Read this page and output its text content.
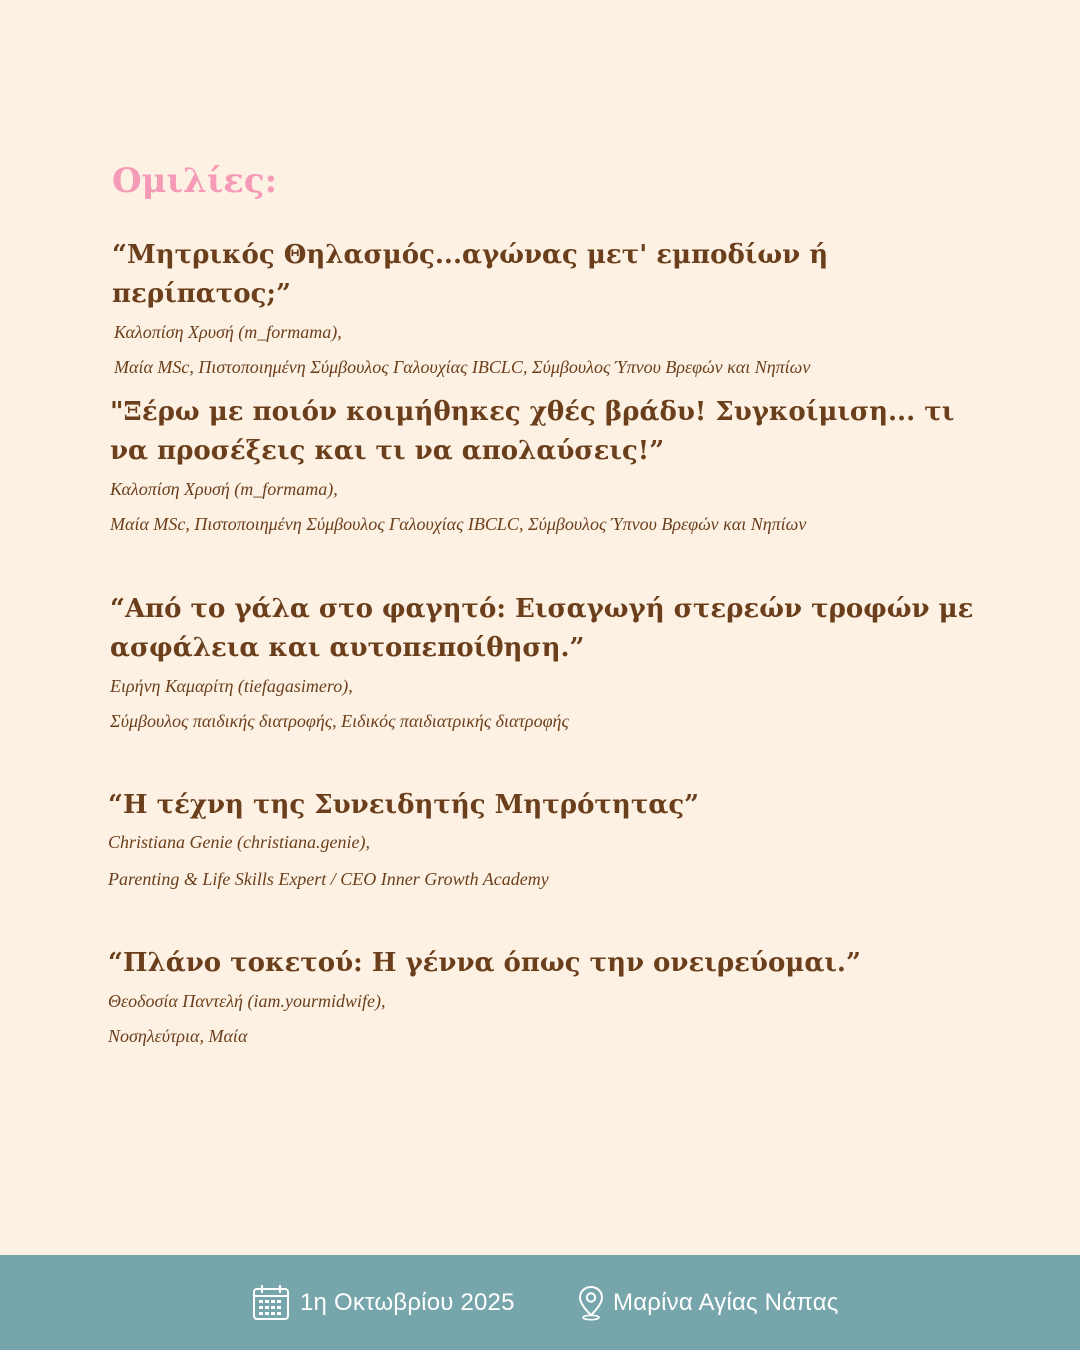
Ομιλίες:

“Μητρικός Θηλασμός...αγώνας μετ' εμποδίων ή περίπατος;”

Καλοπίση Χρυσή (m_formama),

Μαία MSc, Πιστοποιημένη Σύμβουλος Γαλουχίας IBCLC, Σύμβουλος Ύπνου Βρεφών και Νηπίων

"Ξέρω με ποιόν κοιμήθηκες χθές βράδυ! Συγκοίμιση... τι να προσέξεις και τι να απολαύσεις!”

Καλοπίση Χρυσή (m_formama),

Μαία MSc, Πιστοποιημένη Σύμβουλος Γαλουχίας IBCLC, Σύμβουλος Ύπνου Βρεφών και Νηπίων

“Από το γάλα στο φαγητό: Εισαγωγή στερεών τροφών με ασφάλεια και αυτοπεποίθηση.”

Ειρήνη Καμαρίτη (tiefagasimero),

Σύμβουλος παιδικής διατροφής, Ειδικός παιδιατρικής διατροφής

“Η τέχνη της Συνειδητής Μητρότητας”

Christiana Genie (christiana.genie),

Parenting & Life Skills Expert / CEO Inner Growth Academy

“Πλάνο τοκετού: Η γέννα όπως την ονειρεύομαι.”

Θεοδοσία Παντελή (iam.yourmidwife),

Νοσηλεύτρια, Μαία

1η Οκτωβρίου 2025	Μαρίνα Αγίας Νάπας
